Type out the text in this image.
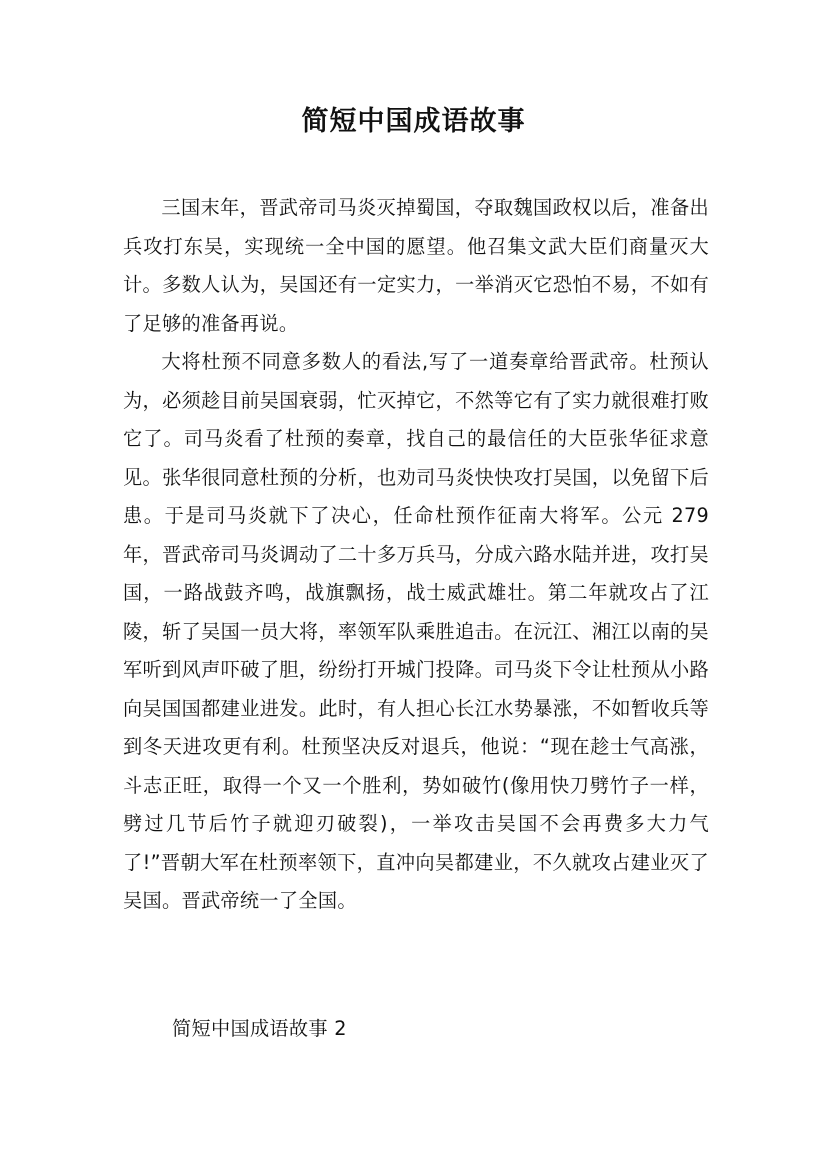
简短中国成语故事

三国末年，晋武帝司马炎灭掉蜀国，夺取魏国政权以后，准备出兵攻打东吴，实现统一全中国的愿望。他召集文武大臣们商量灭大计。多数人认为，吴国还有一定实力，一举消灭它恐怕不易，不如有了足够的准备再说。

大将杜预不同意多数人的看法,写了一道奏章给晋武帝。杜预认为，必须趁目前吴国衰弱，忙灭掉它，不然等它有了实力就很难打败它了。司马炎看了杜预的奏章，找自己的最信任的大臣张华征求意见。张华很同意杜预的分析，也劝司马炎快快攻打吴国，以免留下后患。于是司马炎就下了决心，任命杜预作征南大将军。公元 279 年，晋武帝司马炎调动了二十多万兵马，分成六路水陆并进，攻打吴国，一路战鼓齐鸣，战旗飘扬，战士威武雄壮。第二年就攻占了江陵，斩了吴国一员大将，率领军队乘胜追击。在沅江、湘江以南的吴军听到风声吓破了胆，纷纷打开城门投降。司马炎下令让杜预从小路向吴国国都建业进发。此时，有人担心长江水势暴涨，不如暂收兵等到冬天进攻更有利。杜预坚决反对退兵，他说：“现在趁士气高涨，斗志正旺，取得一个又一个胜利，势如破竹(像用快刀劈竹子一样，劈过几节后竹子就迎刃破裂)，一举攻击吴国不会再费多大力气了!”晋朝大军在杜预率领下，直冲向吴都建业，不久就攻占建业灭了吴国。晋武帝统一了全国。

简短中国成语故事 2
